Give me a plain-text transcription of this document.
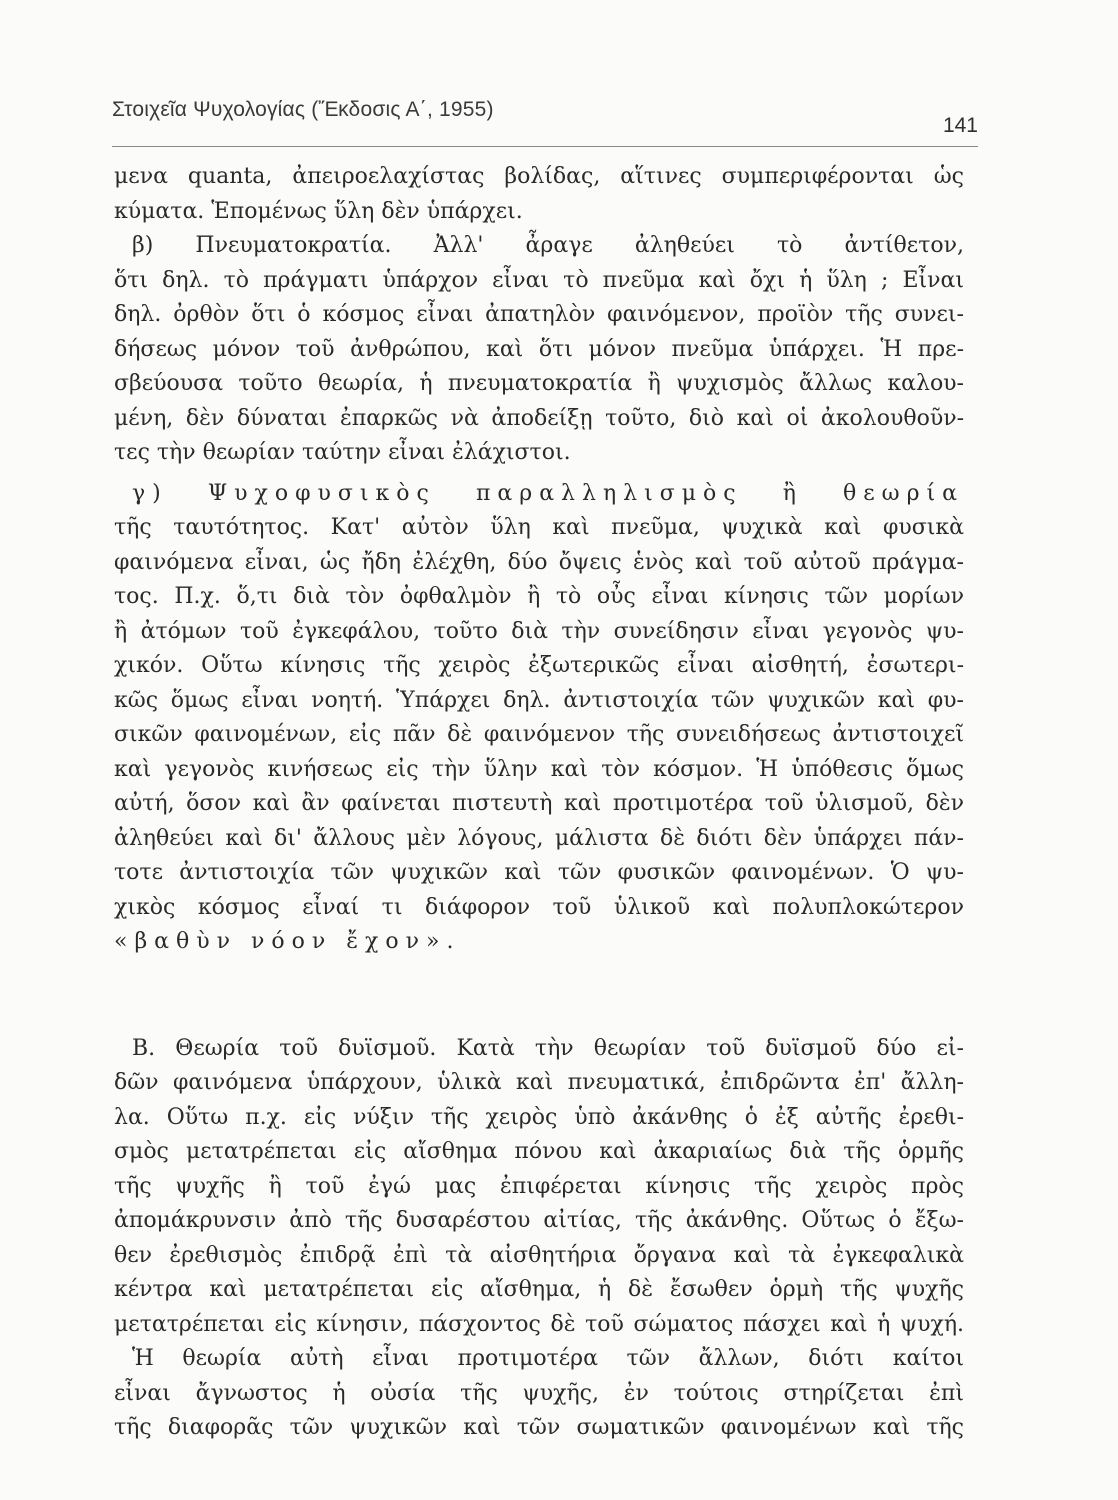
Στοιχεῖα Ψυχολογίας (Ἔκδοσις Α΄, 1955)
141
μενα quanta, ἀπειροελαχίστας βολίδας, αἵτινες συμπεριφέρονται ὡς
κύματα. Ἑπομένως ὕλη δὲν ὑπάρχει.
β) Πνευματοκρατία. Ἀλλ' ἆραγε ἀληθεύει τὸ ἀντίθετον,
ὅτι δηλ. τὸ πράγματι ὑπάρχον εἶναι τὸ πνεῦμα καὶ ὄχι ἡ ὕλη ; Εἶναι
δηλ. ὀρθὸν ὅτι ὁ κόσμος εἶναι ἀπατηλὸν φαινόμενον, προϊὸν τῆς συνει-
δήσεως μόνον τοῦ ἀνθρώπου, καὶ ὅτι μόνον πνεῦμα ὑπάρχει. Ἡ πρε-
σβεύουσα τοῦτο θεωρία, ἡ πνευματοκρατία ἢ ψυχισμὸς ἄλλως καλου-
μένη, δὲν δύναται ἐπαρκῶς νὰ ἀποδείξῃ τοῦτο, διὸ καὶ οἱ ἀκολουθοῦν-
τες τὴν θεωρίαν ταύτην εἶναι ἐλάχιστοι.
γ) Ψυχοφυσικὸς παραλληλισμὸς ἢ θεωρία
τῆς ταυτότητος. Κατ' αὐτὸν ὕλη καὶ πνεῦμα, ψυχικὰ καὶ φυσικὰ
φαινόμενα εἶναι, ὡς ἤδη ἐλέχθη, δύο ὄψεις ἑνὸς καὶ τοῦ αὐτοῦ πράγμα-
τος. Π.χ. ὅ,τι διὰ τὸν ὀφθαλμὸν ἢ τὸ οὖς εἶναι κίνησις τῶν μορίων
ἢ ἀτόμων τοῦ ἐγκεφάλου, τοῦτο διὰ τὴν συνείδησιν εἶναι γεγονὸς ψυ-
χικόν. Οὕτω κίνησις τῆς χειρὸς ἐξωτερικῶς εἶναι αἰσθητή, ἐσωτερι-
κῶς ὅμως εἶναι νοητή. Ὑπάρχει δηλ. ἀντιστοιχία τῶν ψυχικῶν καὶ φυ-
σικῶν φαινομένων, εἰς πᾶν δὲ φαινόμενον τῆς συνειδήσεως ἀντιστοιχεῖ
καὶ γεγονὸς κινήσεως εἰς τὴν ὕλην καὶ τὸν κόσμον. Ἡ ὑπόθεσις ὅμως
αὐτή, ὅσον καὶ ἂν φαίνεται πιστευτὴ καὶ προτιμοτέρα τοῦ ὑλισμοῦ, δὲν
ἀληθεύει καὶ δι' ἄλλους μὲν λόγους, μάλιστα δὲ διότι δὲν ὑπάρχει πάν-
τοτε ἀντιστοιχία τῶν ψυχικῶν καὶ τῶν φυσικῶν φαινομένων. Ὁ ψυ-
χικὸς κόσμος εἶναί τι διάφορον τοῦ ὑλικοῦ καὶ πολυπλοκώτερον
«βαθὺν νόον ἔχον».
Β. Θεωρία τοῦ δυϊσμοῦ. Κατὰ τὴν θεωρίαν τοῦ δυϊσμοῦ δύο εἰ-
δῶν φαινόμενα ὑπάρχουν, ὑλικὰ καὶ πνευματικά, ἐπιδρῶντα ἐπ' ἄλλη-
λα. Οὕτω π.χ. εἰς νύξιν τῆς χειρὸς ὑπὸ ἀκάνθης ὁ ἐξ αὐτῆς ἐρεθι-
σμὸς μετατρέπεται εἰς αἴσθημα πόνου καὶ ἀκαριαίως διὰ τῆς ὁρμῆς
τῆς ψυχῆς ἢ τοῦ ἐγώ μας ἐπιφέρεται κίνησις τῆς χειρὸς πρὸς
ἀπομάκρυνσιν ἀπὸ τῆς δυσαρέστου αἰτίας, τῆς ἀκάνθης. Οὕτως ὁ ἔξω-
θεν ἐρεθισμὸς ἐπιδρᾷ ἐπὶ τὰ αἰσθητήρια ὄργανα καὶ τὰ ἐγκεφαλικὰ
κέντρα καὶ μετατρέπεται εἰς αἴσθημα, ἡ δὲ ἔσωθεν ὁρμὴ τῆς ψυχῆς
μετατρέπεται εἰς κίνησιν, πάσχοντος δὲ τοῦ σώματος πάσχει καὶ ἡ ψυχή.
Ἡ θεωρία αὐτὴ εἶναι προτιμοτέρα τῶν ἄλλων, διότι καίτοι
εἶναι ἄγνωστος ἡ οὐσία τῆς ψυχῆς, ἐν τούτοις στηρίζεται ἐπὶ
τῆς διαφορᾶς τῶν ψυχικῶν καὶ τῶν σωματικῶν φαινομένων καὶ τῆς
